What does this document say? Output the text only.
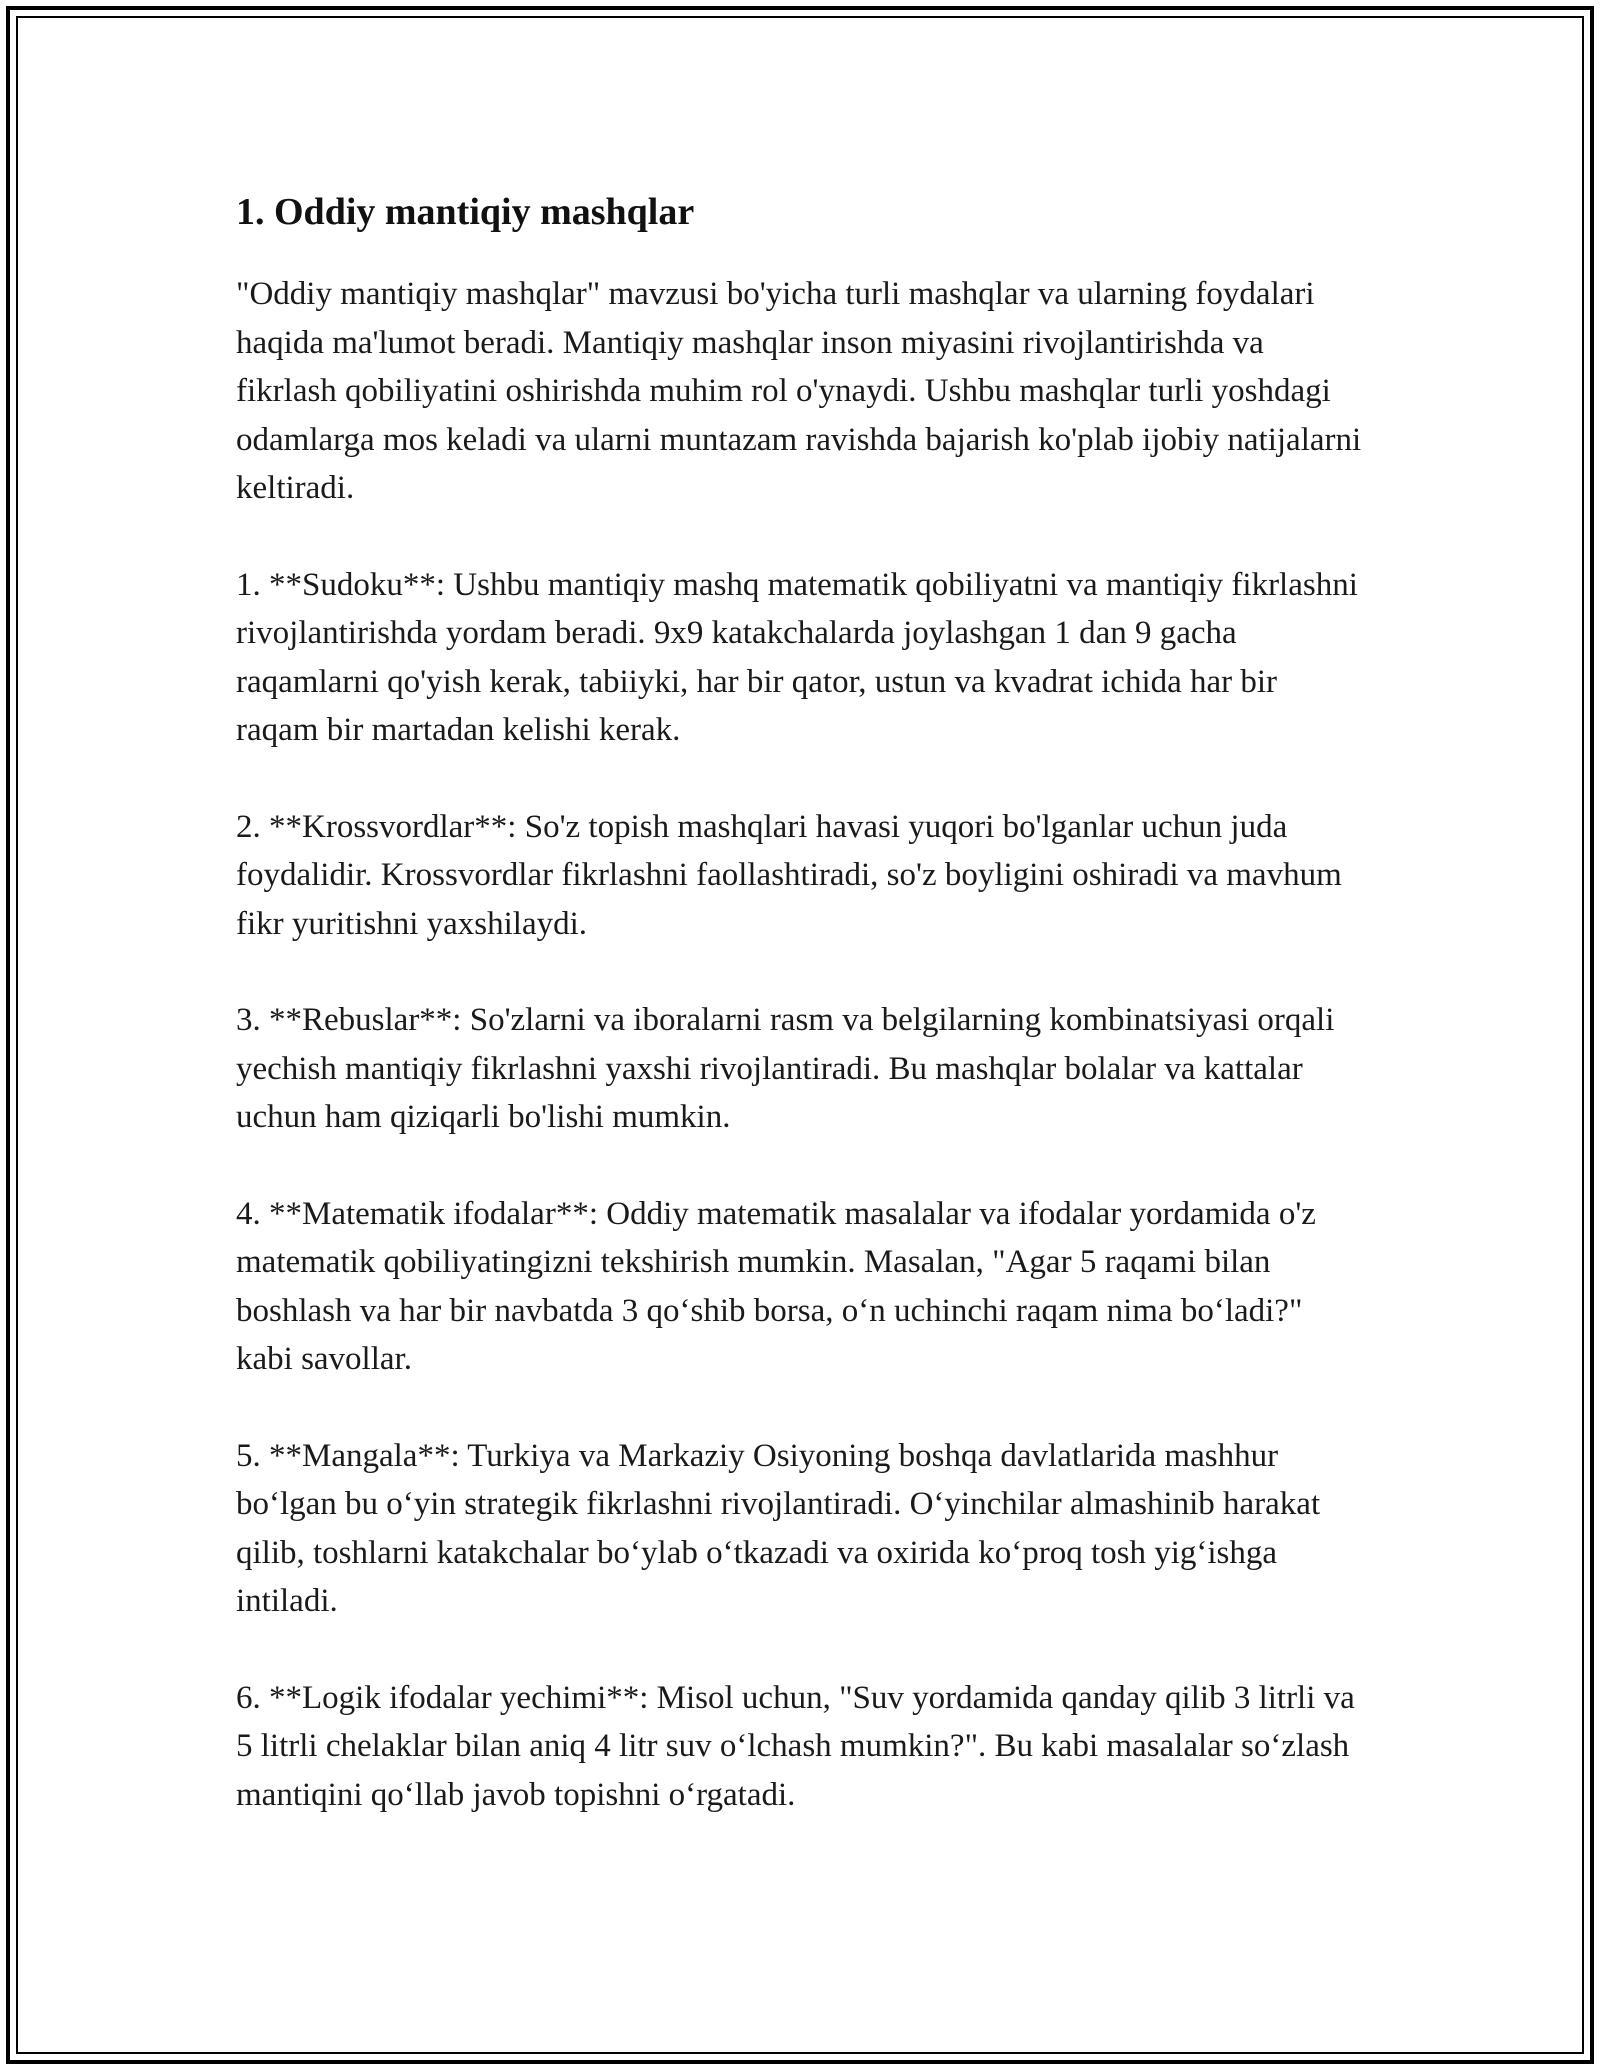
1. Oddiy mantiqiy mashqlar

"Oddiy mantiqiy mashqlar" mavzusi bo'yicha turli mashqlar va ularning foydalari haqida ma'lumot beradi. Mantiqiy mashqlar inson miyasini rivojlantirishda va fikrlash qobiliyatini oshirishda muhim rol o'ynaydi. Ushbu mashqlar turli yoshdagi odamlarga mos keladi va ularni muntazam ravishda bajarish ko'plab ijobiy natijalarni keltiradi.

1. **Sudoku**: Ushbu mantiqiy mashq matematik qobiliyatni va mantiqiy fikrlashni rivojlantirishda yordam beradi. 9x9 katakchalarda joylashgan 1 dan 9 gacha raqamlarni qo'yish kerak, tabiiyki, har bir qator, ustun va kvadrat ichida har bir raqam bir martadan kelishi kerak.

2. **Krossvordlar**: So'z topish mashqlari havasi yuqori bo'lganlar uchun juda foydalidir. Krossvordlar fikrlashni faollashtiradi, so'z boyligini oshiradi va mavhum fikr yuritishni yaxshilaydi.

3. **Rebuslar**: So'zlarni va iboralarni rasm va belgilarning kombinatsiyasi orqali yechish mantiqiy fikrlashni yaxshi rivojlantiradi. Bu mashqlar bolalar va kattalar uchun ham qiziqarli bo'lishi mumkin.

4. **Matematik ifodalar**: Oddiy matematik masalalar va ifodalar yordamida o'z matematik qobiliyatingizni tekshirish mumkin. Masalan, "Agar 5 raqami bilan boshlash va har bir navbatda 3 qo‘shib borsa, o‘n uchinchi raqam nima bo‘ladi?" kabi savollar.

5. **Mangala**: Turkiya va Markaziy Osiyoning boshqa davlatlarida mashhur bo‘lgan bu o‘yin strategik fikrlashni rivojlantiradi. O‘yinchilar almashinib harakat qilib, toshlarni katakchalar bo‘ylab o‘tkazadi va oxirida ko‘proq tosh yig‘ishga intiladi.

6. **Logik ifodalar yechimi**: Misol uchun, "Suv yordamida qanday qilib 3 litrli va 5 litrli chelaklar bilan aniq 4 litr suv o‘lchash mumkin?". Bu kabi masalalar so‘zlash mantiqini qo‘llab javob topishni o‘rgatadi.
